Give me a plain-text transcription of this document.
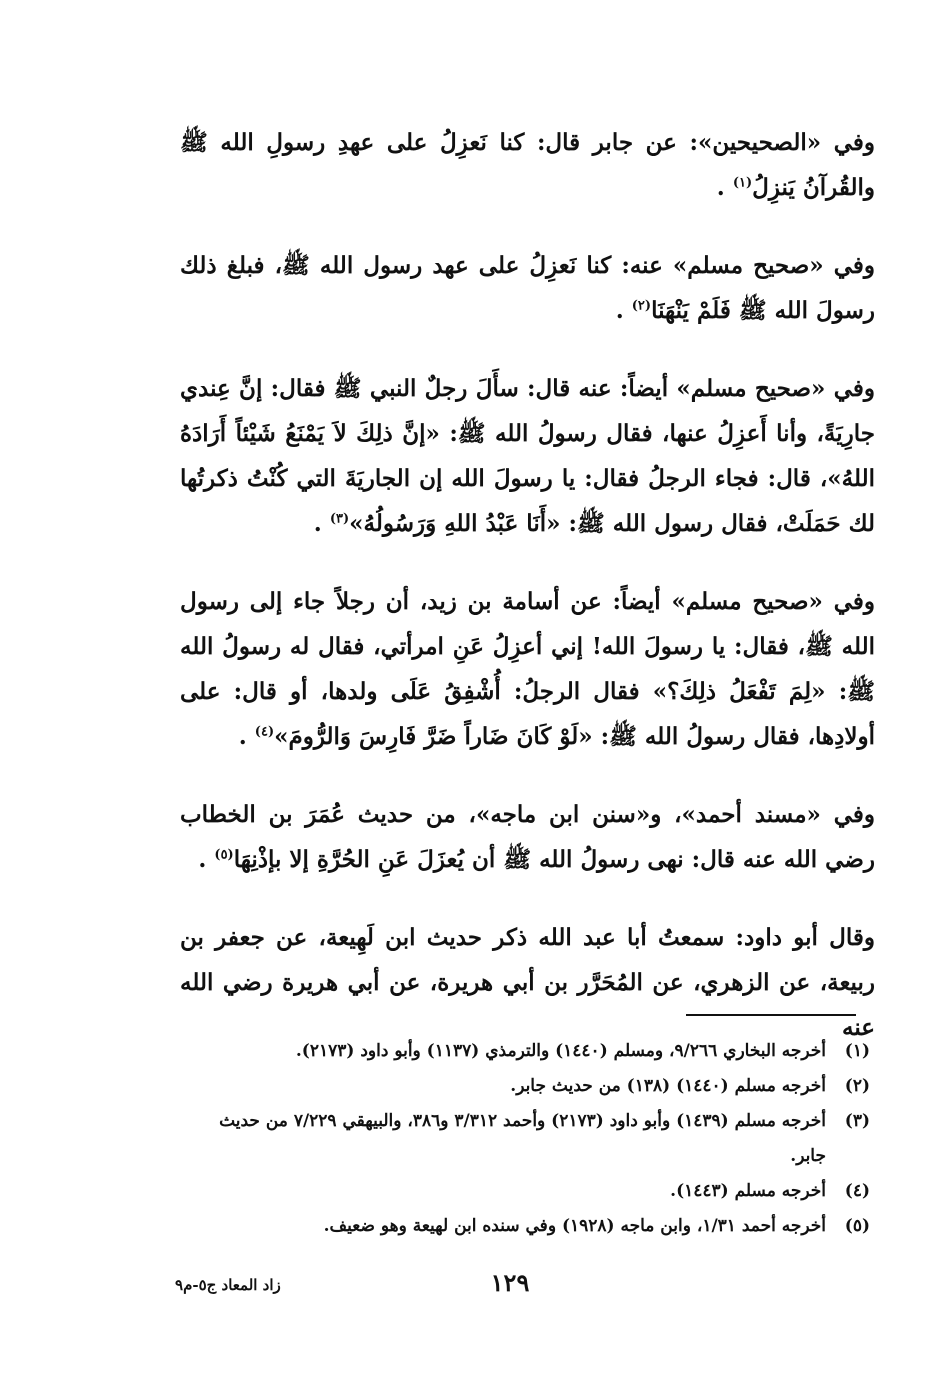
وفي «الصحيحين»: عن جابر قال: كنا نَعزِلُ على عهدِ رسولِ الله ﷺ والقُرآنُ يَنزِلُ$^{(١)}$ .

وفي «صحيح مسلم» عنه: كنا نَعزِلُ على عهد رسول الله ﷺ، فبلغ ذلك رسولَ الله ﷺ فَلَمْ يَنْهَنَا$^{(٢)}$ .

وفي «صحيح مسلم» أيضاً: عنه قال: سأَلَ رجلٌ النبي ﷺ فقال: إنَّ عِندي جارِيَةً، وأنا أَعزِلُ عنها، فقال رسولُ الله ﷺ: «إنَّ ذلِكَ لاَ يَمْنَعُ شَيْئاً أَرَادَهُ اللهُ»، قال: فجاء الرجلُ فقال: يا رسولَ الله إن الجاريَةَ التي كُنْتُ ذكرتُها لك حَمَلَتْ، فقال رسول الله ﷺ: «أَنَا عَبْدُ اللهِ وَرَسُولُهُ»$^{(٣)}$ .

وفي «صحيح مسلم» أيضاً: عن أسامة بن زيد، أن رجلاً جاء إلى رسول الله ﷺ، فقال: يا رسولَ الله! إني أعزِلُ عَنِ امرأتي، فقال له رسولُ الله ﷺ: «لِمَ تَفْعَلُ ذلِكَ؟» فقال الرجلُ: أُشْفِقُ عَلَى ولدها، أو قال: على أولادِها، فقال رسولُ الله ﷺ: «لَوْ كَانَ ضَاراً ضَرَّ فَارِسَ وَالرُّومَ»$^{(٤)}$ .

وفي «مسند أحمد»، و«سنن ابن ماجه»، من حديث عُمَرَ بن الخطاب رضي الله عنه قال: نهى رسولُ الله ﷺ أن يُعزَلَ عَنِ الحُرَّةِ إلا بإذْنِهَا$^{(٥)}$ .

وقال أبو داود: سمعتُ أبا عبد الله ذكر حديث ابن لَهِيعة، عن جعفر بن ربيعة، عن الزهري، عن المُحَرَّر بن أبي هريرة، عن أبي هريرة رضي الله عنه

(١)
أخرجه البخاري ٩/٢٦٦، ومسلم (١٤٤٠) والترمذي (١١٣٧) وأبو داود (٢١٧٣).
(٢)
أخرجه مسلم (١٤٤٠) (١٣٨) من حديث جابر.
(٣)
أخرجه مسلم (١٤٣٩) وأبو داود (٢١٧٣) وأحمد ٣/٣١٢ و٣٨٦، والبيهقي ٧/٢٢٩ من حديث جابر.
(٤)
أخرجه مسلم (١٤٤٣).
(٥)
أخرجه أحمد ١/٣١، وابن ماجه (١٩٢٨) وفي سنده ابن لهيعة وهو ضعيف.
١٢٩
زاد المعاد ج٥-م٩
